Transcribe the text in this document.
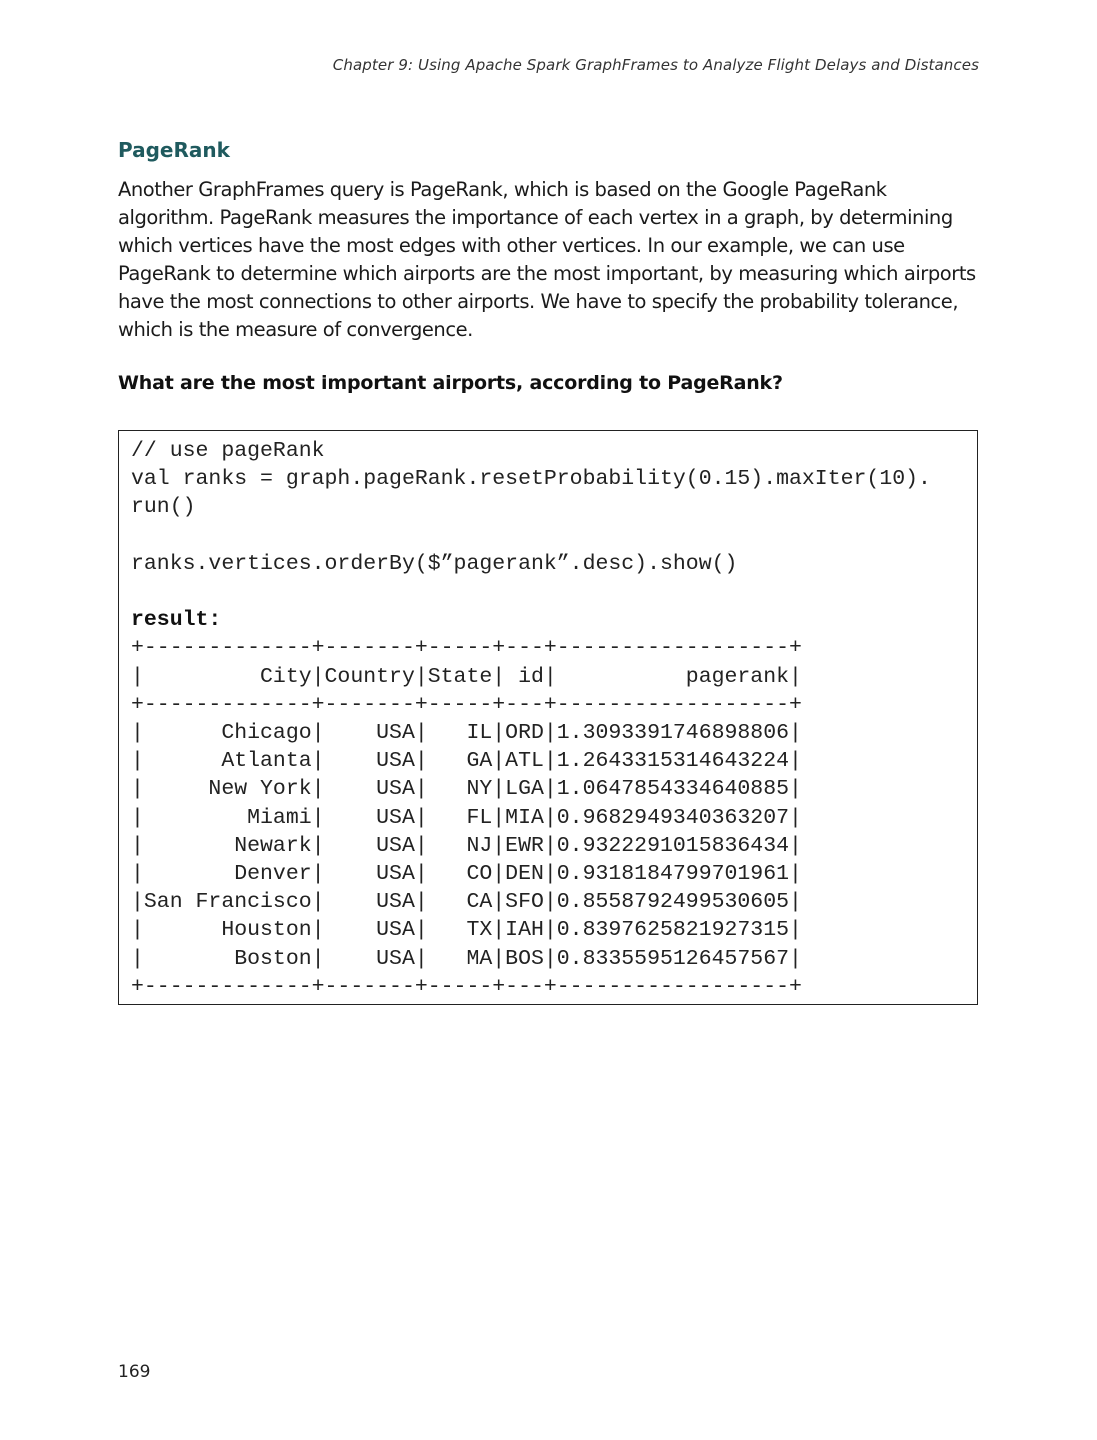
Chapter 9: Using Apache Spark GraphFrames to Analyze Flight Delays and Distances
PageRank

Another GraphFrames query is PageRank, which is based on the Google PageRank algorithm. PageRank measures the importance of each vertex in a graph, by determining which vertices have the most edges with other vertices. In our example, we can use PageRank to determine which airports are the most important, by measuring which airports have the most connections to other airports. We have to specify the probability tolerance, which is the measure of convergence.

What are the most important airports, according to PageRank?

// use pageRank
val ranks = graph.pageRank.resetProbability(0.15).maxIter(10).
run()

ranks.vertices.orderBy($”pagerank”.desc).show()

result:
+-------------+-------+-----+---+------------------+
|         City|Country|State| id|          pagerank|
+-------------+-------+-----+---+------------------+
|      Chicago|    USA|   IL|ORD|1.3093391746898806|
|      Atlanta|    USA|   GA|ATL|1.2643315314643224|
|     New York|    USA|   NY|LGA|1.0647854334640885|
|        Miami|    USA|   FL|MIA|0.9682949340363207|
|       Newark|    USA|   NJ|EWR|0.9322291015836434|
|       Denver|    USA|   CO|DEN|0.9318184799701961|
|San Francisco|    USA|   CA|SFO|0.8558792499530605|
|      Houston|    USA|   TX|IAH|0.8397625821927315|
|       Boston|    USA|   MA|BOS|0.8335595126457567|
+-------------+-------+-----+---+------------------+
169
